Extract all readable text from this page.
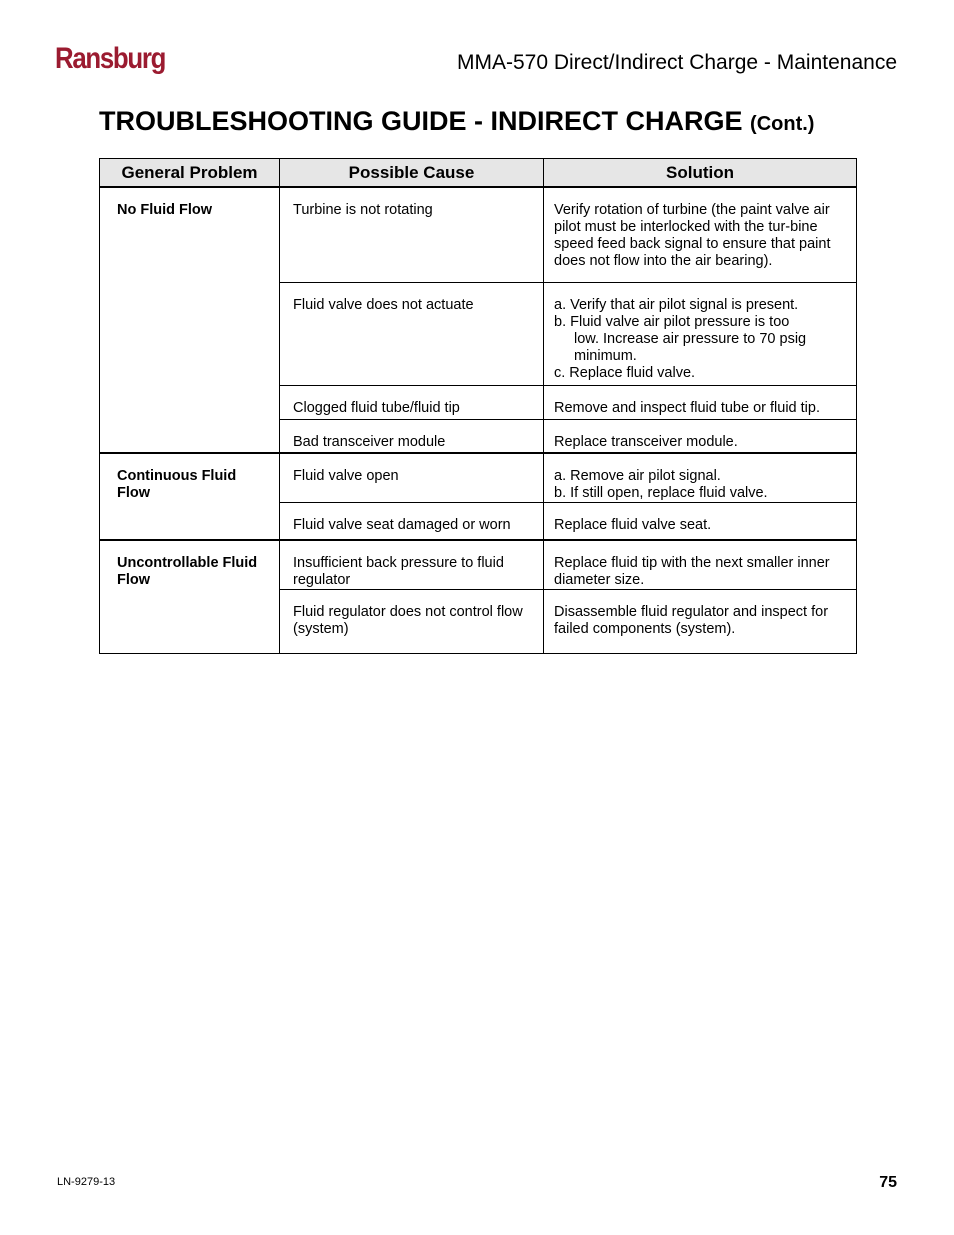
Ransburg	MMA-570 Direct/Indirect Charge - Maintenance
TROUBLESHOOTING GUIDE - INDIRECT CHARGE (Cont.)
General Problem	Possible Cause	Solution
No Fluid Flow	Turbine is not rotating	Verify rotation of turbine (the paint valve air pilot must be interlocked with the tur-bine speed feed back signal to ensure that paint does not flow into the air bearing).

	Fluid valve does not actuate	a. Verify that air pilot signal is present.
b. Fluid valve air pilot pressure is too
low. Increase air pressure to 70 psig
minimum.
c. Replace fluid valve.

	Clogged fluid tube/fluid tip	Remove and inspect fluid tube or fluid tip.

	Bad transceiver module	Replace transceiver module.

Continuous Fluid Flow	Fluid valve open	a. Remove air pilot signal.
b. If still open, replace fluid valve.

	Fluid valve seat damaged or worn	Replace fluid valve seat.

Uncontrollable Fluid Flow	Insufficient back pressure to fluid regulator	Replace fluid tip with the next smaller inner diameter size.

	Fluid regulator does not control flow (system)	Disassemble fluid regulator and inspect for failed components (system).
LN-9279-13	75
